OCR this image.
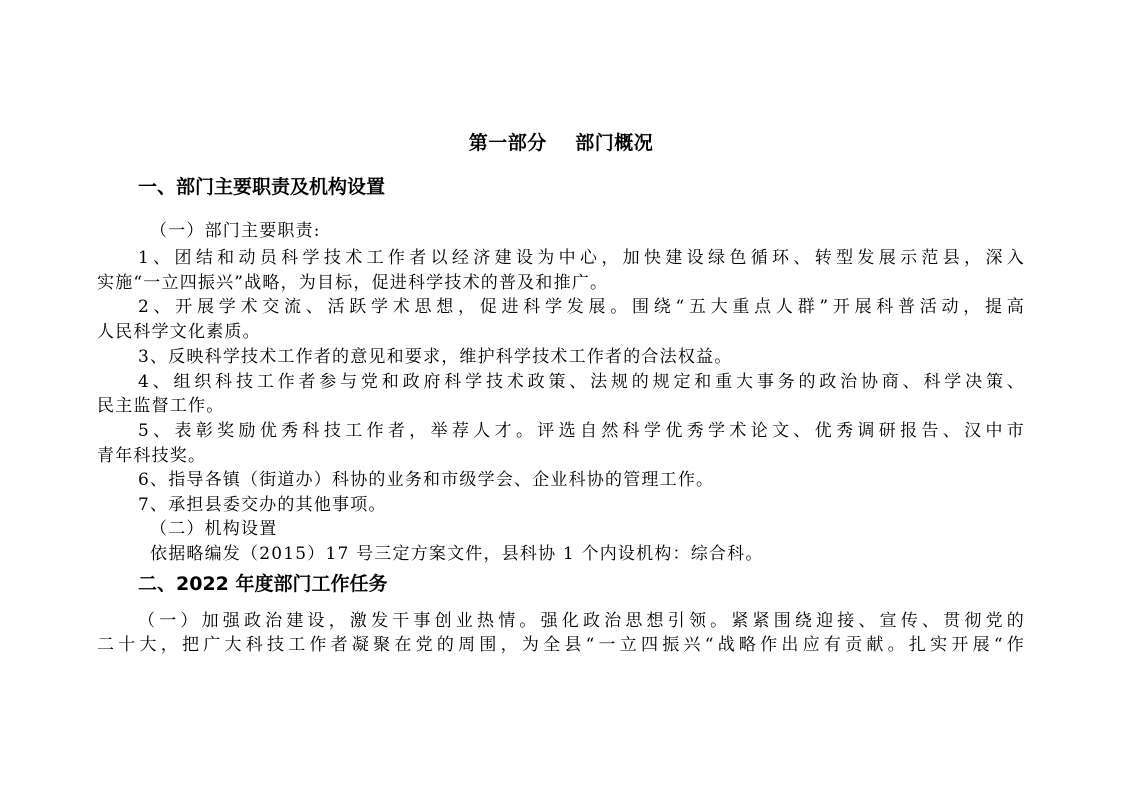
第一部分    部门概况
一、部门主要职责及机构设置
（一）部门主要职责:
1、团结和动员科学技术工作者以经济建设为中心，加快建设绿色循环、转型发展示范县，深入
实施“一立四振兴”战略，为目标，促进科学技术的普及和推广。
2、开展学术交流、活跃学术思想，促进科学发展。围绕“五大重点人群”开展科普活动，提高
人民科学文化素质。
3、反映科学技术工作者的意见和要求，维护科学技术工作者的合法权益。
4、组织科技工作者参与党和政府科学技术政策、法规的规定和重大事务的政治协商、科学决策、
民主监督工作。
5、表彰奖励优秀科技工作者，举荐人才。评选自然科学优秀学术论文、优秀调研报告、汉中市
青年科技奖。
6、指导各镇（街道办）科协的业务和市级学会、企业科协的管理工作。
7、承担县委交办的其他事项。
（二）机构设置
依据略编发（2015）17 号三定方案文件，县科协 1 个内设机构：综合科。
二、2022 年度部门工作任务
（一）加强政治建设，激发干事创业热情。强化政治思想引领。紧紧围绕迎接、宣传、贯彻党的
二十大，把广大科技工作者凝聚在党的周围，为全县“一立四振兴“战略作出应有贡献。扎实开展“作
